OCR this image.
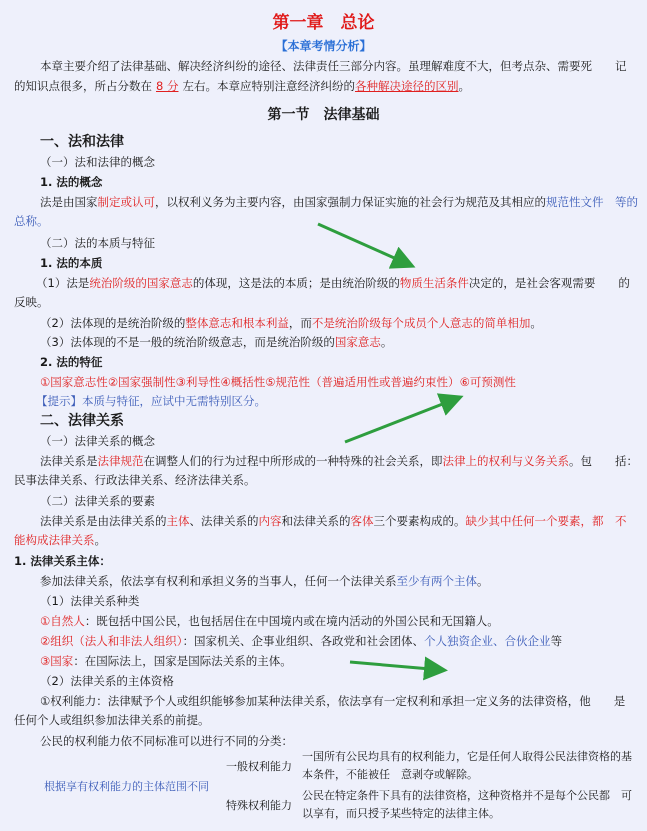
第一章　总论
【本章考情分析】
本章主要介绍了法律基础、解决经济纠纷的途径、法律责任三部分内容。虽理解难度不大，但考点杂、需要死　　记
的知识点很多，所占分数在 8 分 左右。本章应特别注意经济纠纷的各种解决途径的区别。
第一节　法律基础
一、法和法律
（一）法和法律的概念
1. 法的概念
法是由国家制定或认可，以权利义务为主要内容，由国家强制力保证实施的社会行为规范及其相应的规范性文件　等的
总称。
（二）法的本质与特征
1. 法的本质
（1）法是统治阶级的国家意志的体现，这是法的本质；是由统治阶级的物质生活条件决定的，是社会客观需要　　的
反映。
（2）法体现的是统治阶级的整体意志和根本利益，而不是统治阶级每个成员个人意志的简单相加。
（3）法体现的不是一般的统治阶级意志，而是统治阶级的国家意志。
2. 法的特征
①国家意志性②国家强制性③利导性④概括性⑤规范性（普遍适用性或普遍约束性）⑥可预测性
【提示】本质与特征，应试中无需特别区分。
二、法律关系
（一）法律关系的概念
法律关系是法律规范在调整人们的行为过程中所形成的一种特殊的社会关系，即法律上的权利与义务关系。包　　括：
民事法律关系、行政法律关系、经济法律关系。
（二）法律关系的要素
法律关系是由法律关系的主体、法律关系的内容和法律关系的客体三个要素构成的。缺少其中任何一个要素，都　不
能构成法律关系。
1. 法律关系主体：
参加法律关系，依法享有权利和承担义务的当事人，任何一个法律关系至少有两个主体。
（1）法律关系种类
①自然人：既包括中国公民，也包括居住在中国境内或在境内活动的外国公民和无国籍人。
②组织（法人和非法人组织）：国家机关、企事业组织、各政党和社会团体、个人独资企业、合伙企业等
③国家：在国际法上，国家是国际法关系的主体。
（2）法律关系的主体资格
①权利能力：法律赋予个人或组织能够参加某种法律关系，依法享有一定权利和承担一定义务的法律资格，他　　是
任何个人或组织参加法律关系的前提。
公民的权利能力依不同标准可以进行不同的分类：
根据享有权利能力的主体范围不同	一般权利能力	一国所有公民均具有的权利能力，它是任何人取得公民法律资格的基本条件，不能被任　意剥夺或解除。
	特殊权利能力	公民在特定条件下具有的法律资格，这种资格并不是每个公民都　可以享有，而只授予某些特定的法律主体。
